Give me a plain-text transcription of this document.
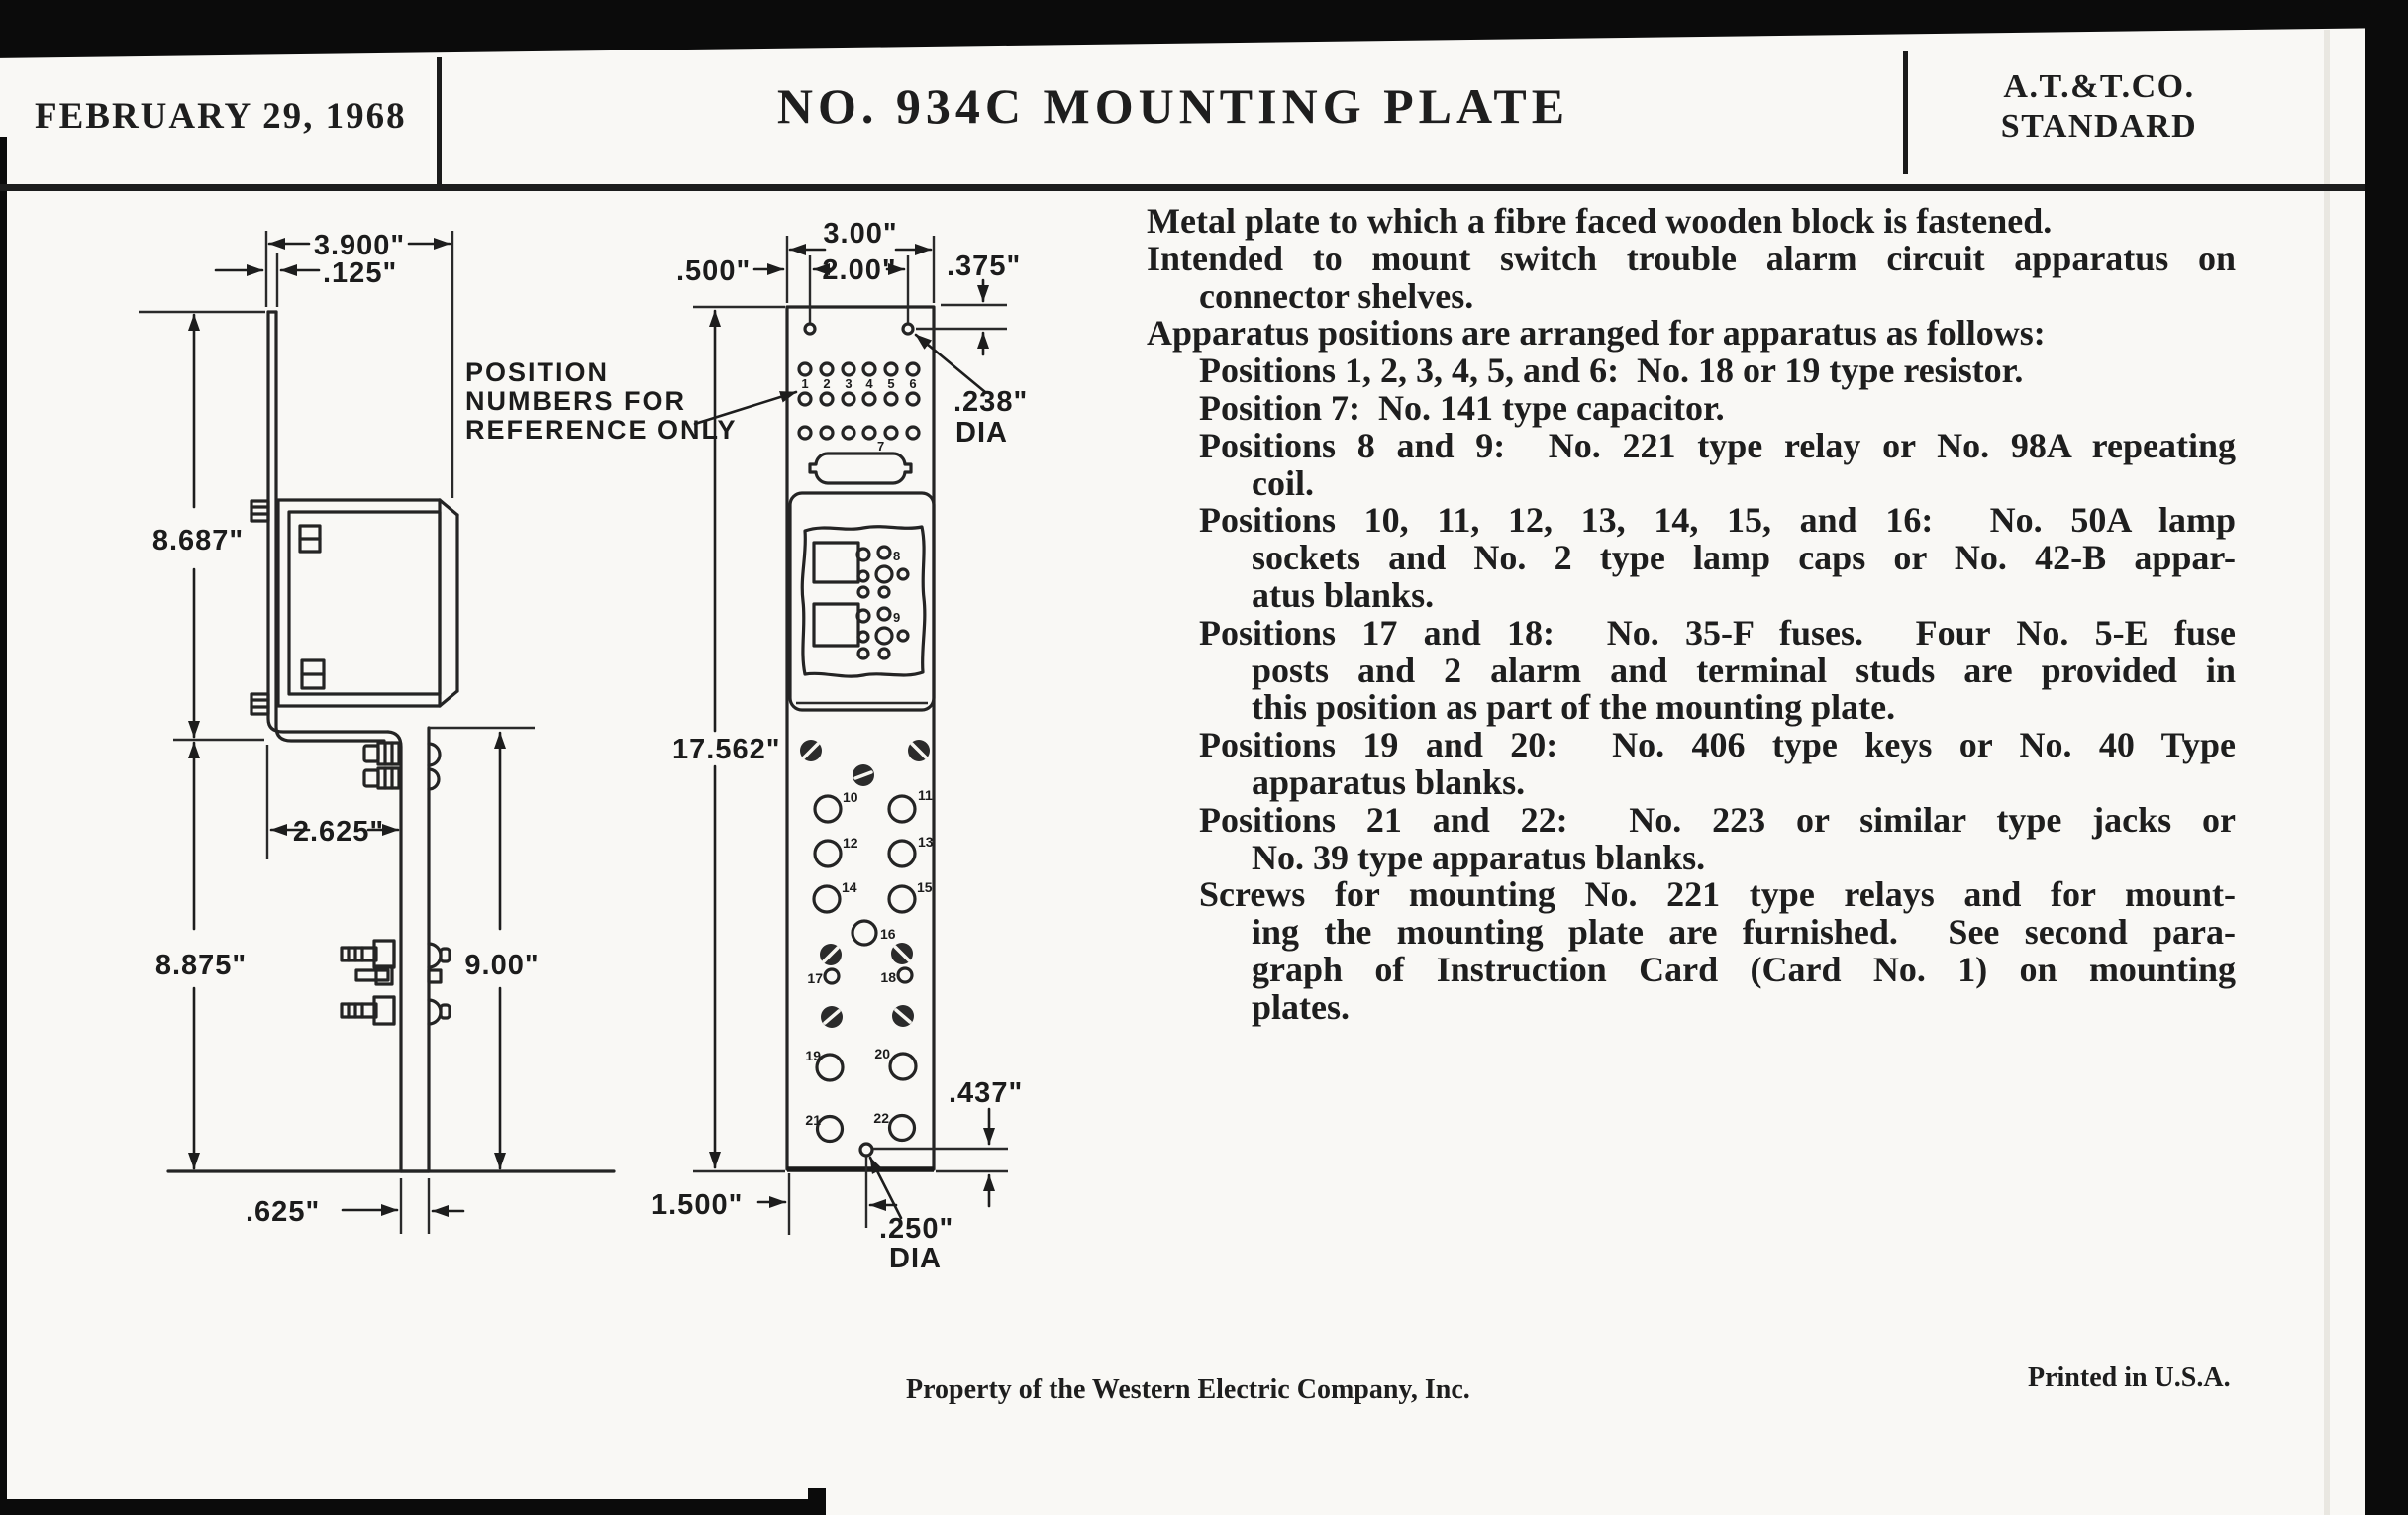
FEBRUARY 29, 1968	NO. 934C MOUNTING PLATE	A.T.&T.CO.
STANDARD
Metal plate to which a fibre faced wooden block is fastened.
Intended to mount switch trouble alarm circuit apparatus on
connector shelves.
Apparatus positions are arranged for apparatus as follows:
Positions 1, 2, 3, 4, 5, and 6:  No. 18 or 19 type resistor.
Position 7:  No. 141 type capacitor.
Positions 8 and 9:  No. 221 type relay or No. 98A repeating
coil.
Positions 10, 11, 12, 13, 14, 15, and 16:  No. 50A lamp
sockets and No. 2 type lamp caps or No. 42-B appar-
atus blanks.
Positions 17 and 18:  No. 35-F fuses.  Four No. 5-E fuse
posts and 2 alarm and terminal studs are provided in
this position as part of the mounting plate.
Positions 19 and 20:  No. 406 type keys or No. 40 Type
apparatus blanks.
Positions 21 and 22:  No. 223 or similar type jacks or
No. 39 type apparatus blanks.
Screws for mounting No. 221 type relays and for mount-
ing the mounting plate are furnished.  See second para-
graph of Instruction Card (Card No. 1) on mounting
plates.
3.900"
.125"
8.687"
2.625"
8.875"	9.00"
.625"
1 2 3 4 5 6
7
8
9
10	11
12	13
14	15
16
17	18
19	20
21	22
3.00"
.500" 2.00" .375"
.238"
DIA
17.562"
.437"
1.500"
.250"
DIA
POSITION
NUMBERS FOR
REFERENCE ONLY
Property of the Western Electric Company, Inc.	Printed in U.S.A.
